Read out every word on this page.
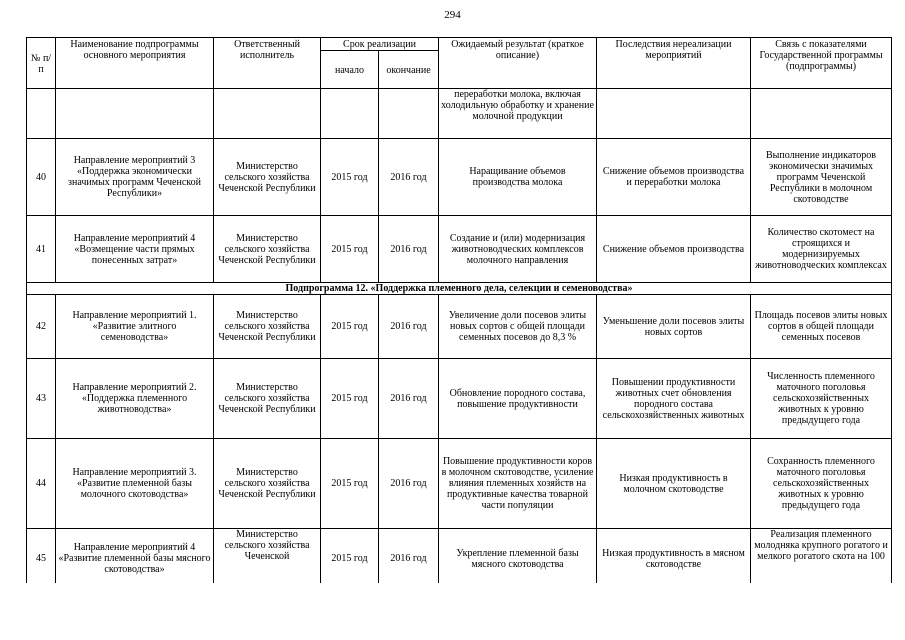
294
№ п/п	Наименование подпрограммы основного мероприятия	Ответственный исполнитель	Срок реализации		Ожидаемый результат (краткое описание)	Последствия нереализации мероприятий	Связь с показателями Государственной программы (подпрограммы)
			начало	окончание			
					переработки молока, включая холодильную обработку и хранение молочной продукции		
40	Направление мероприятий 3 «Поддержка экономически значимых программ Чеченской Республики»	Министерство сельского хозяйства Чеченской Республики	2015 год	2016 год	Наращивание объемов производства молока	Снижение объемов производства и переработки молока	Выполнение индикаторов экономически значимых программ Чеченской Республики в молочном скотоводстве
41	Направление мероприятий 4 «Возмещение части прямых понесенных затрат»	Министерство сельского хозяйства Чеченской Республики	2015 год	2016 год	Создание и (или) модернизация животноводческих комплексов молочного направления	Снижение объемов производства	Количество скотомест на строящихся и модернизируемых животноводческих комплексах
Подпрограмма 12. «Поддержка племенного дела, селекции и семеноводства»							
42	Направление мероприятий 1. «Развитие элитного семеноводства»	Министерство сельского хозяйства Чеченской Республики	2015 год	2016 год	Увеличение доли посевов элиты новых сортов с общей площади семенных посевов до 8,3 %	Уменьшение доли посевов элиты новых сортов	Площадь посевов элиты новых сортов в общей площади семенных посевов
43	Направление мероприятий 2. «Поддержка племенного животноводства»	Министерство сельского хозяйства Чеченской Республики	2015 год	2016 год	Обновление породного состава, повышение продуктивности	Повышении продуктивности животных счет обновления породного состава сельскохозяйственных животных	Численность племенного маточного поголовья сельскохозяйственных животных к уровню предыдущего года
44	Направление мероприятий 3. «Развитие племенной базы молочного скотоводства»	Министерство сельского хозяйства Чеченской Республики	2015 год	2016 год	Повышение продуктивности коров в молочном скотоводстве, усиление влияния племенных хозяйств на продуктивные качества товарной части популяции	Низкая продуктивность в молочном скотоводстве	Сохранность племенного маточного поголовья сельскохозяйственных животных к уровню предыдущего года
45	Направление мероприятий 4 «Развитие племенной базы мясного скотоводства»	Министерство сельского хозяйства Чеченской	2015 год	2016 год	Укрепление племенной базы мясного скотоводства	Низкая продуктивность в мясном скотоводстве	Реализация племенного молодняка крупного рогатого и мелкого рогатого скота на 100
